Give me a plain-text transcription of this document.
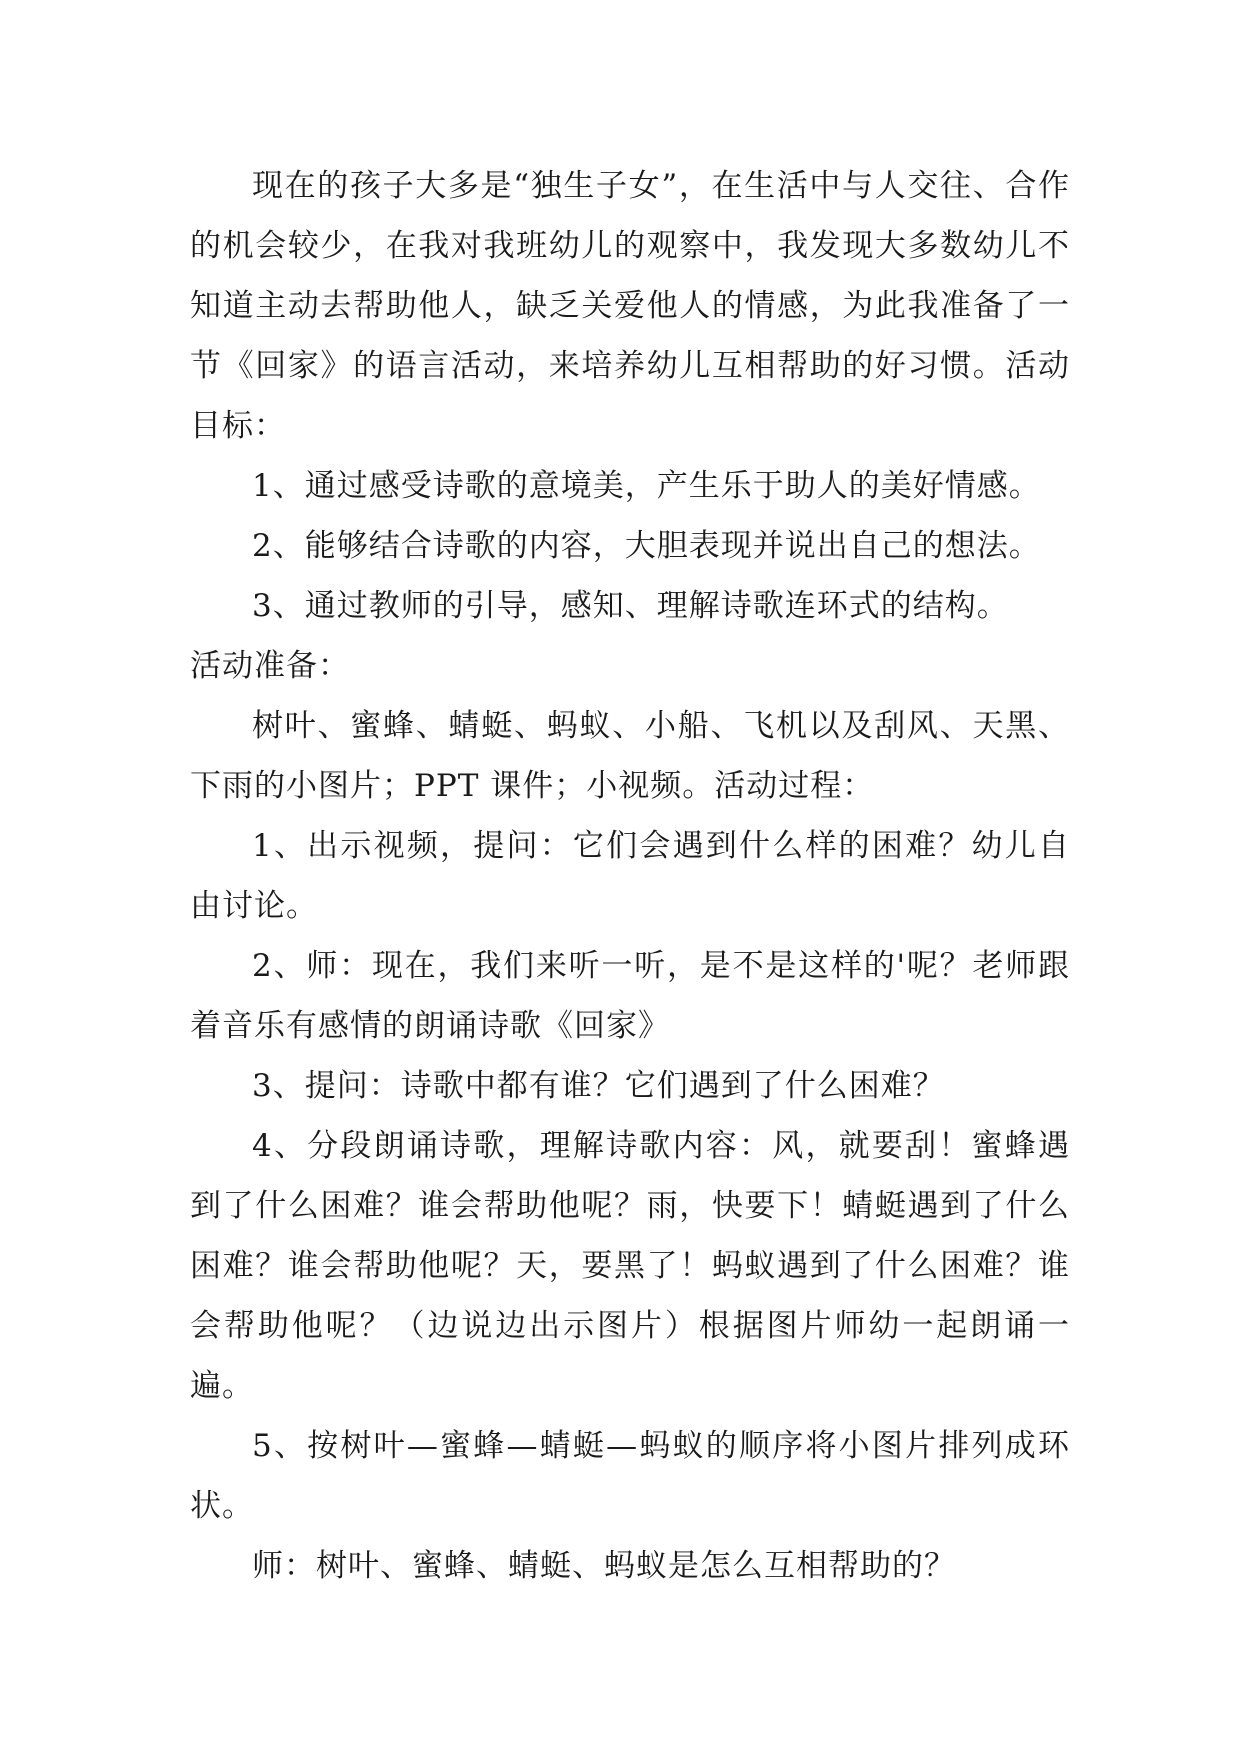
现在的孩子大多是“独生子女”，在生活中与人交往、合作的机会较少，在我对我班幼儿的观察中，我发现大多数幼儿不知道主动去帮助他人，缺乏关爱他人的情感，为此我准备了一节《回家》的语言活动，来培养幼儿互相帮助的好习惯。活动目标：

1、通过感受诗歌的意境美，产生乐于助人的美好情感。

2、能够结合诗歌的内容，大胆表现并说出自己的想法。

3、通过教师的引导，感知、理解诗歌连环式的结构。

活动准备：

树叶、蜜蜂、蜻蜓、蚂蚁、小船、飞机以及刮风、天黑、下雨的小图片；PPT 课件；小视频。活动过程：

1、出示视频，提问：它们会遇到什么样的困难？幼儿自由讨论。

2、师：现在，我们来听一听，是不是这样的'呢？老师跟着音乐有感情的朗诵诗歌《回家》

3、提问：诗歌中都有谁？它们遇到了什么困难？

4、分段朗诵诗歌，理解诗歌内容：风，就要刮！蜜蜂遇到了什么困难？谁会帮助他呢？雨，快要下！蜻蜓遇到了什么困难？谁会帮助他呢？天，要黑了！蚂蚁遇到了什么困难？谁会帮助他呢？（边说边出示图片）根据图片师幼一起朗诵一遍。

5、按树叶—蜜蜂—蜻蜓—蚂蚁的顺序将小图片排列成环状。

师：树叶、蜜蜂、蜻蜓、蚂蚁是怎么互相帮助的？
